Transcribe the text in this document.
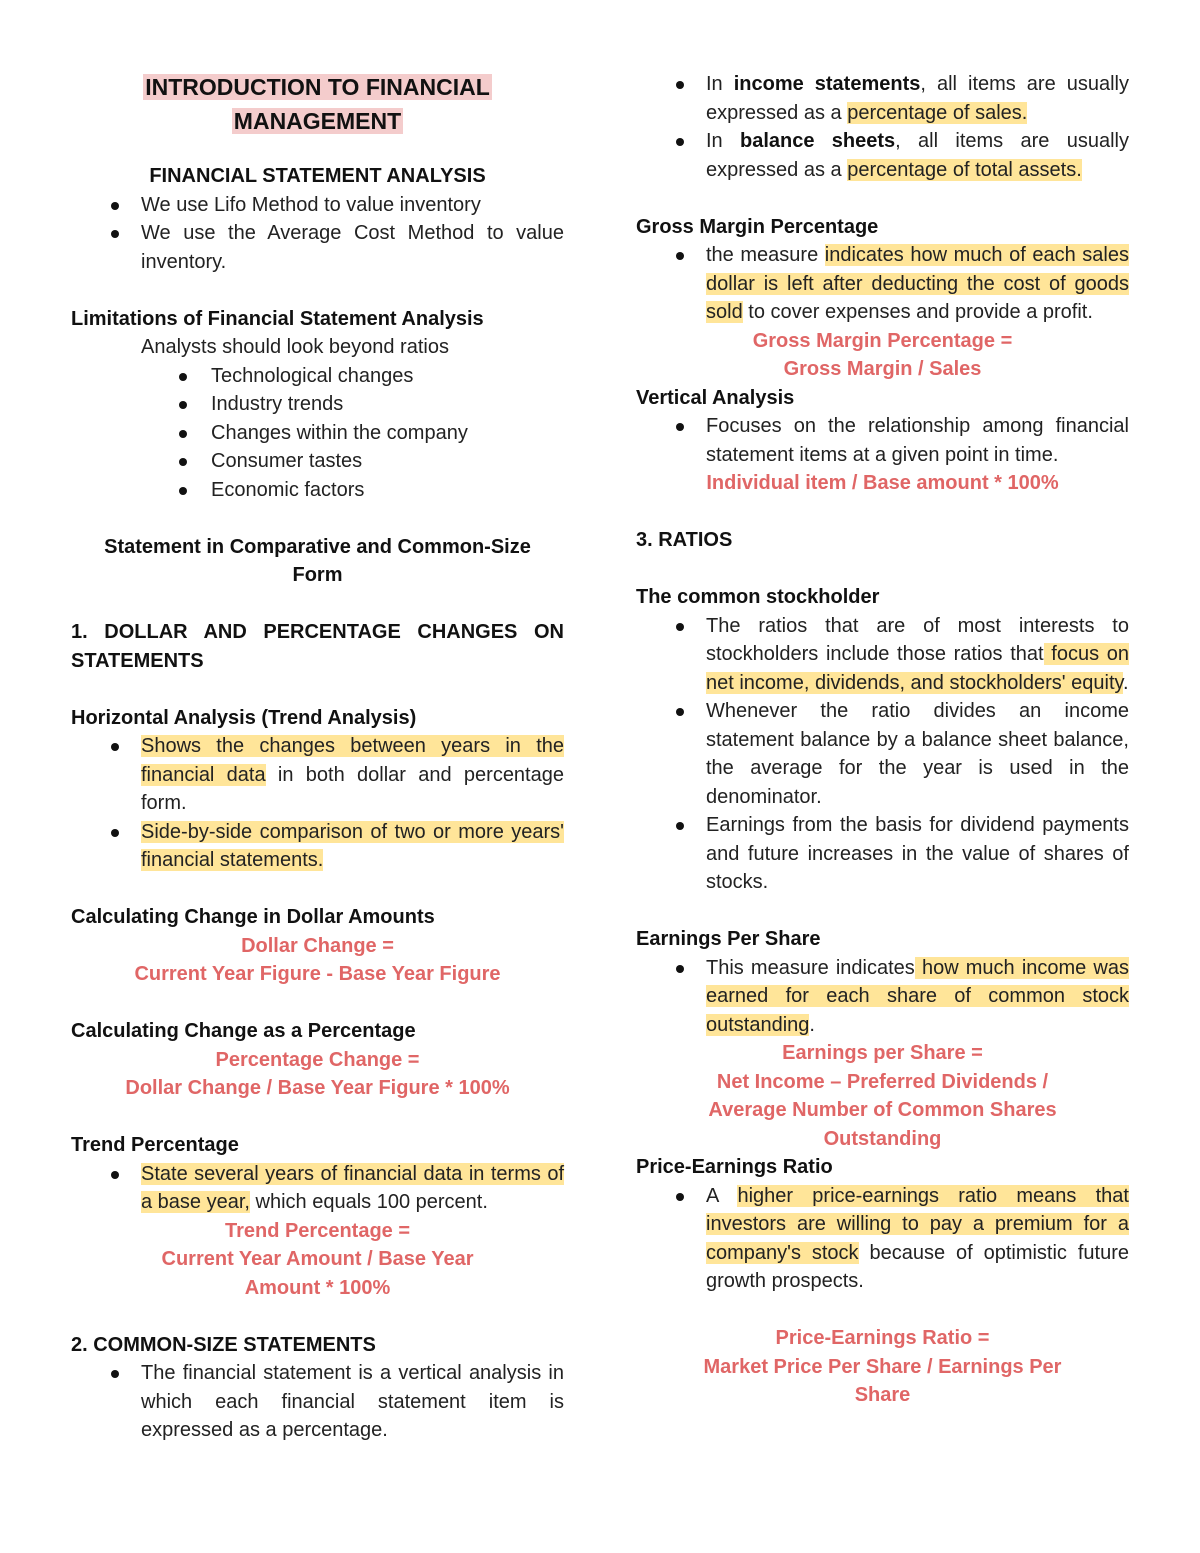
INTRODUCTION TO FINANCIAL
MANAGEMENT

FINANCIAL STATEMENT ANALYSIS

We use Lifo Method to value inventory
We use the Average Cost Method to value inventory.

Limitations of Financial Statement Analysis

Analysts should look beyond ratios

Technological changes
Industry trends
Changes within the company
Consumer tastes
Economic factors

Statement in Comparative and Common-Size
Form

1. DOLLAR AND PERCENTAGE CHANGES ON STATEMENTS

Horizontal Analysis (Trend Analysis)

Shows the changes between years in the financial data in both dollar and percentage form.
Side-by-side comparison of two or more years' financial statements.

Calculating Change in Dollar Amounts

Dollar Change =

Current Year Figure - Base Year Figure

Calculating Change as a Percentage

Percentage Change =

Dollar Change / Base Year Figure * 100%

Trend Percentage

State several years of financial data in terms of a base year, which equals 100 percent.

Trend Percentage =

Current Year Amount / Base Year

Amount * 100%

2. COMMON-SIZE STATEMENTS

The financial statement is a vertical analysis in which each financial statement item is expressed as a percentage.
In income statements, all items are usually expressed as a percentage of sales.
In balance sheets, all items are usually expressed as a percentage of total assets.

Gross Margin Percentage

the measure indicates how much of each sales dollar is left after deducting the cost of goods sold to cover expenses and provide a profit.

Gross Margin Percentage =

Gross Margin / Sales

Vertical Analysis

Focuses on the relationship among financial statement items at a given point in time.

Individual item / Base amount * 100%

3. RATIOS

The common stockholder

The ratios that are of most interests to stockholders include those ratios that focus on net income, dividends, and stockholders' equity.
Whenever the ratio divides an income statement balance by a balance sheet balance, the average for the year is used in the denominator.
Earnings from the basis for dividend payments and future increases in the value of shares of stocks.

Earnings Per Share

This measure indicates how much income was earned for each share of common stock outstanding.

Earnings per Share =

Net Income – Preferred Dividends /

Average Number of Common Shares

Outstanding

Price-Earnings Ratio

A higher price-earnings ratio means that investors are willing to pay a premium for a company's stock because of optimistic future growth prospects.

Price-Earnings Ratio =

Market Price Per Share / Earnings Per

Share
